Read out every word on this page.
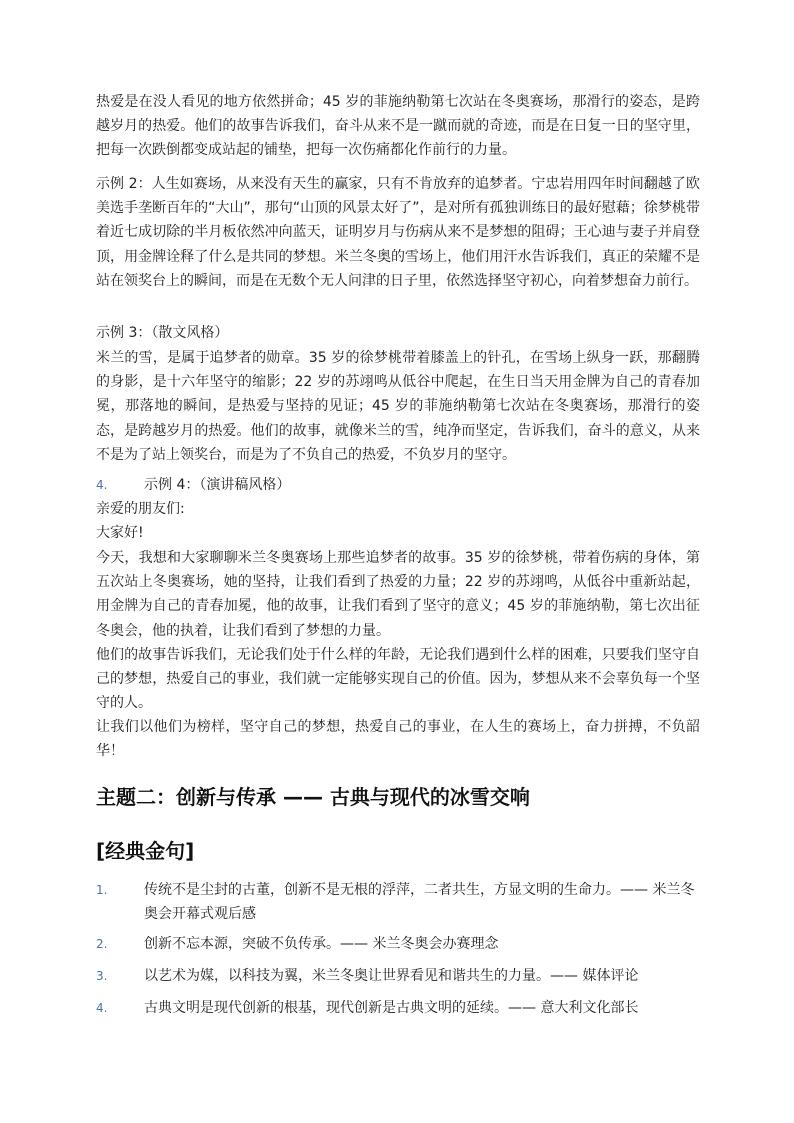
热爱是在没人看见的地方依然拼命；45 岁的菲施纳勒第七次站在冬奥赛场，那滑行的姿态，是跨越岁月的热爱。他们的故事告诉我们，奋斗从来不是一蹴而就的奇迹，而是在日复一日的坚守里，把每一次跌倒都变成站起的铺垫，把每一次伤痛都化作前行的力量。

示例 2：人生如赛场，从来没有天生的赢家，只有不肯放弃的追梦者。宁忠岩用四年时间翻越了欧美选手垄断百年的“大山”，那句“山顶的风景太好了”，是对所有孤独训练日的最好慰藉；徐梦桃带着近七成切除的半月板依然冲向蓝天，证明岁月与伤病从来不是梦想的阻碍；王心迪与妻子并肩登顶，用金牌诠释了什么是共同的梦想。米兰冬奥的雪场上，他们用汗水告诉我们，真正的荣耀不是站在领奖台上的瞬间，而是在无数个无人问津的日子里，依然选择坚守初心，向着梦想奋力前行。

示例 3：（散文风格）

米兰的雪，是属于追梦者的勋章。35 岁的徐梦桃带着膝盖上的针孔，在雪场上纵身一跃，那翻腾的身影，是十六年坚守的缩影；22 岁的苏翊鸣从低谷中爬起，在生日当天用金牌为自己的青春加冕，那落地的瞬间，是热爱与坚持的见证；45 岁的菲施纳勒第七次站在冬奥赛场，那滑行的姿态，是跨越岁月的热爱。他们的故事，就像米兰的雪，纯净而坚定，告诉我们，奋斗的意义，从来不是为了站上领奖台，而是为了不负自己的热爱，不负岁月的坚守。

4.	示例 4：（演讲稿风格）

亲爱的朋友们:

大家好!

今天，我想和大家聊聊米兰冬奥赛场上那些追梦者的故事。35 岁的徐梦桃，带着伤病的身体，第五次站上冬奥赛场，她的坚持，让我们看到了热爱的力量；22 岁的苏翊鸣，从低谷中重新站起，用金牌为自己的青春加冕，他的故事，让我们看到了坚守的意义；45 岁的菲施纳勒，第七次出征冬奥会，他的执着，让我们看到了梦想的力量。

他们的故事告诉我们，无论我们处于什么样的年龄，无论我们遇到什么样的困难，只要我们坚守自己的梦想，热爱自己的事业，我们就一定能够实现自己的价值。因为，梦想从来不会辜负每一个坚守的人。

让我们以他们为榜样，坚守自己的梦想，热爱自己的事业，在人生的赛场上，奋力拼搏，不负韶华！

主题二：创新与传承 —— 古典与现代的冰雪交响
[经典金句]
1.	传统不是尘封的古董，创新不是无根的浮萍，二者共生，方显文明的生命力。—— 米兰冬奥会开幕式观后感
2.	创新不忘本源，突破不负传承。—— 米兰冬奥会办赛理念
3.	以艺术为媒，以科技为翼，米兰冬奥让世界看见和谐共生的力量。—— 媒体评论
4.	古典文明是现代创新的根基，现代创新是古典文明的延续。—— 意大利文化部长
